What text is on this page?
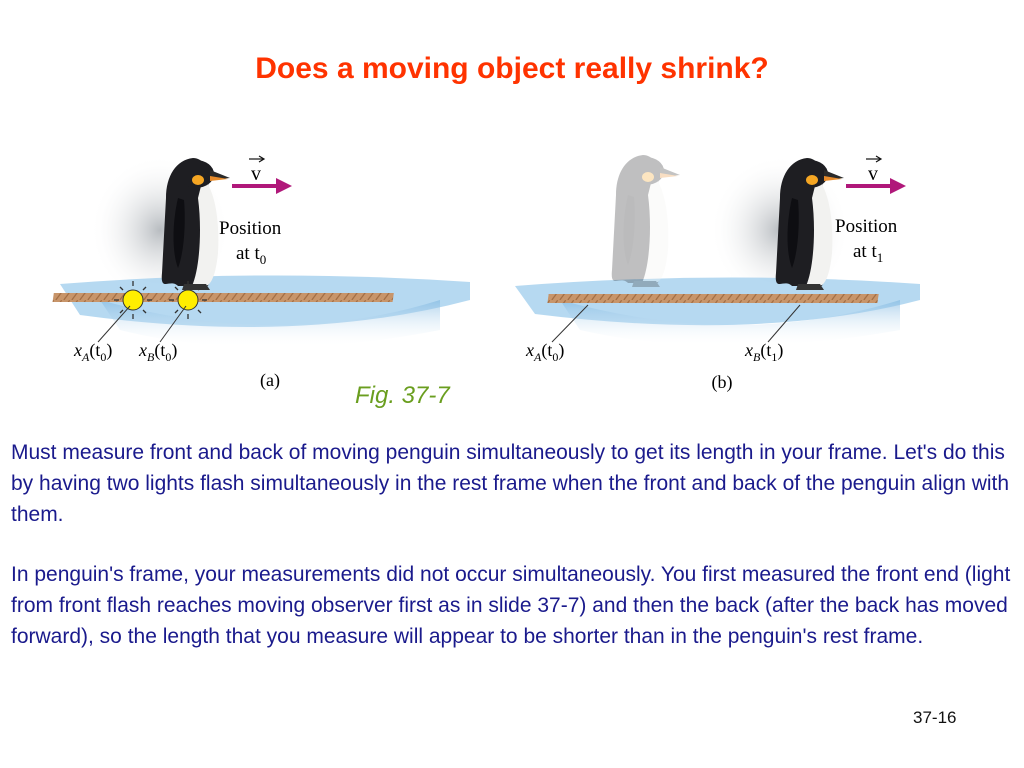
Does a moving object really shrink?
v
Position
at $t_0$
$x_A(t_0)$ $x_B(t_0)$
(a)
v
Position
at $t_1$
$x_A(t_0)$	$x_B(t_1)$
(b)
Fig. 37-7
Must measure front and back of moving penguin simultaneously to get its length in your frame. Let's do this by having two lights flash simultaneously in the rest frame when the front and back of the penguin align with them.
In penguin's frame, your measurements did not occur simultaneously. You first measured the front end (light from front flash reaches moving observer first as in slide 37-7) and then the back (after the back has moved forward), so the length that you measure will appear to be shorter than in the penguin's rest frame.
37-16
